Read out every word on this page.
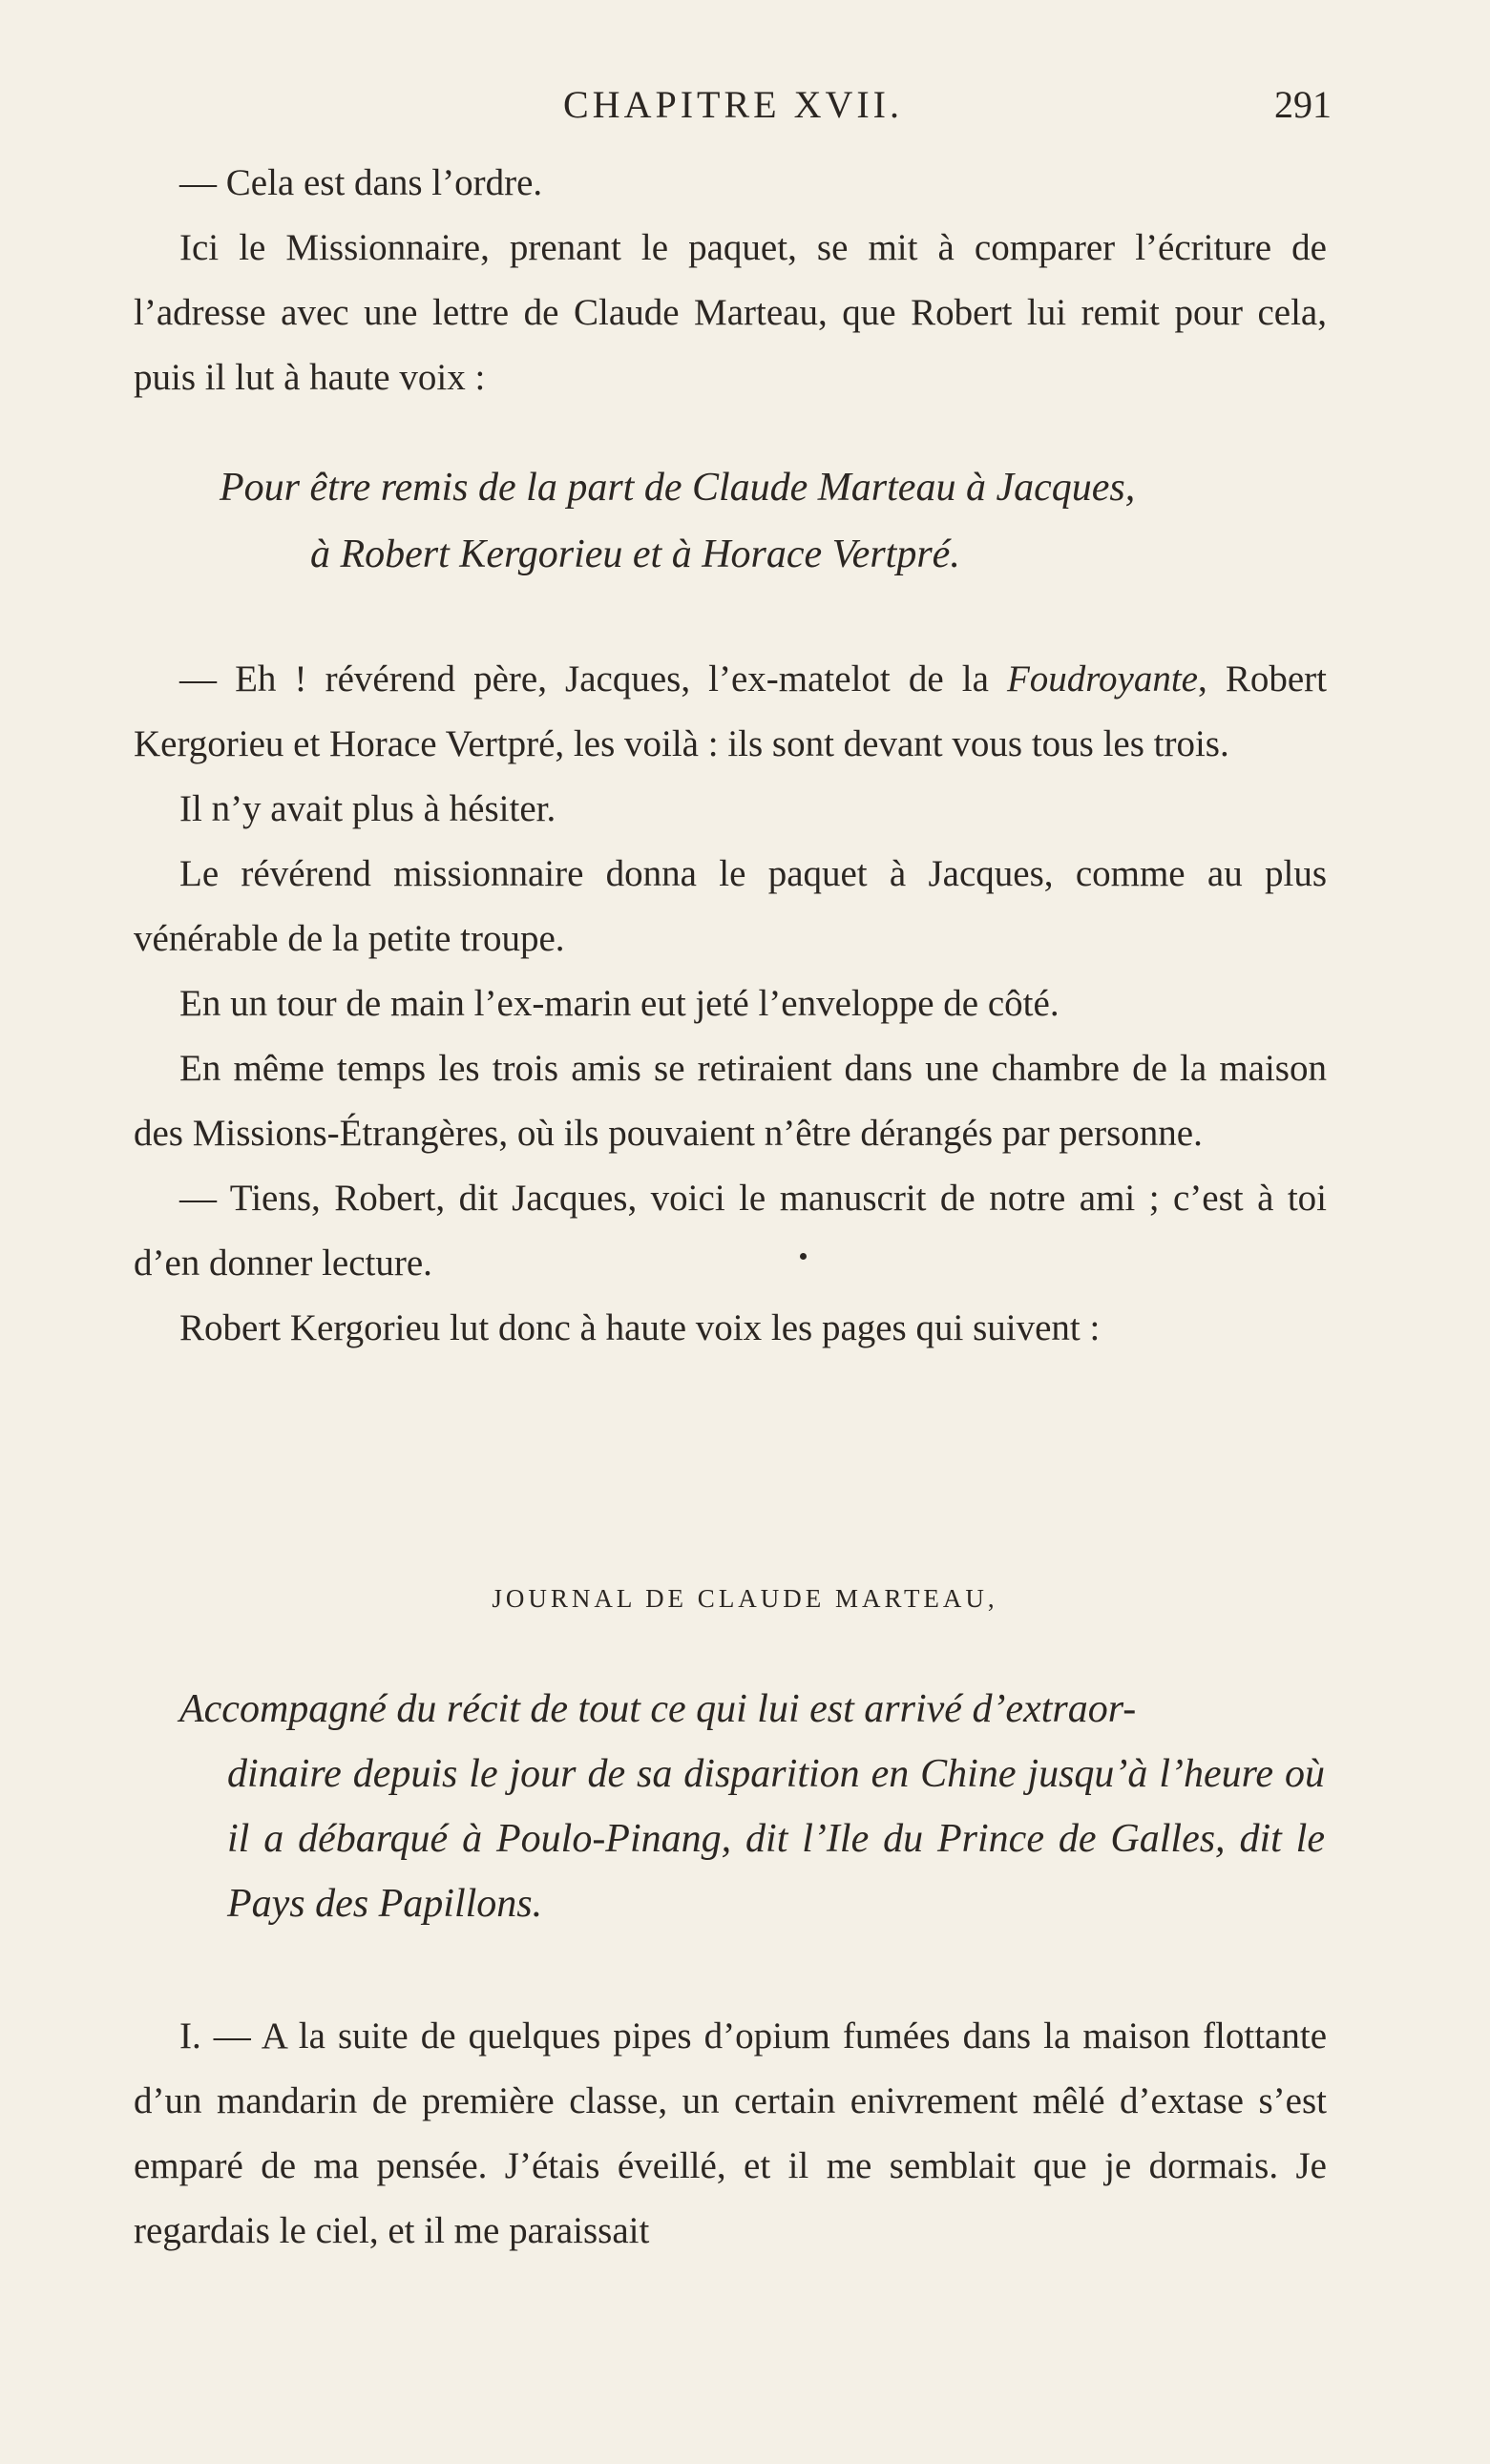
CHAPITRE XVII.	291

— Cela est dans l’ordre.

Ici le Missionnaire, prenant le paquet, se mit à comparer l’écriture de l’adresse avec une lettre de Claude Marteau, que Robert lui remit pour cela, puis il lut à haute voix :

Pour être remis de la part de Claude Marteau à Jacques,
à Robert Kergorieu et à Horace Vertpré.

— Eh ! révérend père, Jacques, l’ex-matelot de la Foudroyante, Robert Kergorieu et Horace Vertpré, les voilà : ils sont devant vous tous les trois.

Il n’y avait plus à hésiter.

Le révérend missionnaire donna le paquet à Jacques, comme au plus vénérable de la petite troupe.

En un tour de main l’ex-marin eut jeté l’enveloppe de côté.

En même temps les trois amis se retiraient dans une chambre de la maison des Missions-Étrangères, où ils pouvaient n’être dérangés par personne.

— Tiens, Robert, dit Jacques, voici le manuscrit de notre ami ; c’est à toi d’en donner lecture.

Robert Kergorieu lut donc à haute voix les pages qui suivent :

JOURNAL DE CLAUDE MARTEAU,
Accompagné du récit de tout ce qui lui est arrivé d’extraor-
dinaire depuis le jour de sa disparition en Chine jusqu’à l’heure où il a débarqué à Poulo-Pinang, dit l’Ile du Prince de Galles, dit le Pays des Papillons.

I. — A la suite de quelques pipes d’opium fumées dans la maison flottante d’un mandarin de première classe, un certain enivrement mêlé d’extase s’est emparé de ma pensée. J’étais éveillé, et il me semblait que je dormais. Je regardais le ciel, et il me paraissait
